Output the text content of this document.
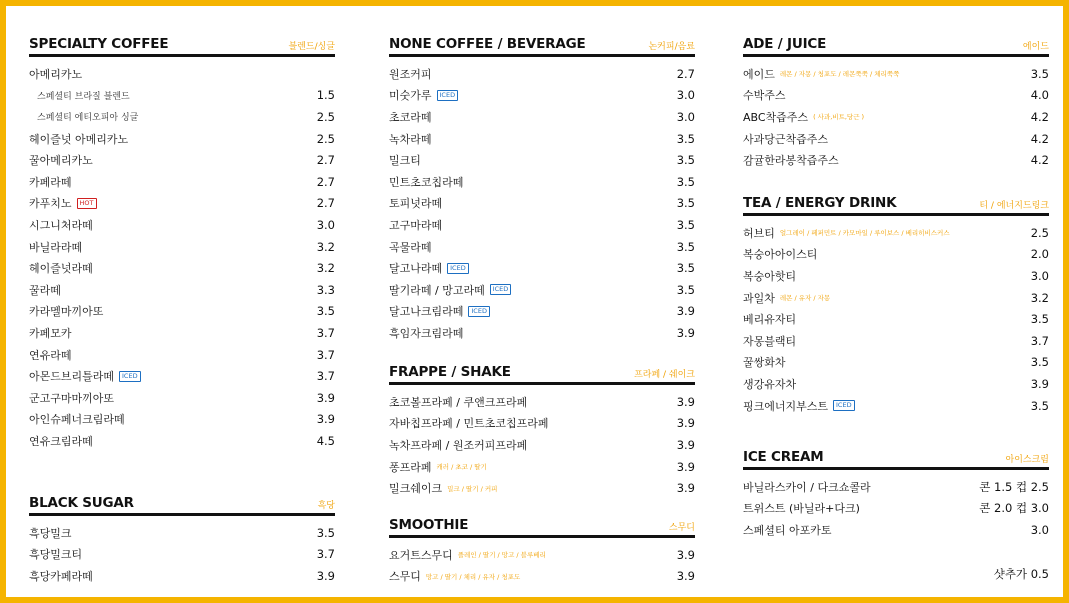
SPECIALTY COFFEE	블렌드/싱글
아메리카노
스페셜티 브라질 블렌드	1.5
스페셜티 에티오피아 싱글	2.5
헤이즐넛 아메리카노	2.5
꿀아메리카노	2.7
카페라떼	2.7
카푸치노	HOT	2.7
시그니처라떼	3.0
바닐라라떼	3.2
헤이즐넛라떼	3.2
꿀라떼	3.3
카라멜마끼아또	3.5
카페모카	3.7
연유라떼	3.7
아몬드브리틀라떼	ICED	3.7
군고구마마끼아또	3.9
아인슈페너크림라떼	3.9
연유크림라떼	4.5
BLACK SUGAR	흑당
흑당밀크	3.5
흑당밀크티	3.7
흑당카페라떼	3.9
NONE COFFEE / BEVERAGE	논커피/음료
원조커피	2.7
미숫가루	ICED	3.0
초코라떼	3.0
녹차라떼	3.5
밀크티	3.5
민트초코칩라떼	3.5
토피넛라떼	3.5
고구마라떼	3.5
곡물라떼	3.5
달고나라떼	ICED	3.5
딸기라떼 / 망고라떼	ICED	3.5
달고나크림라떼	ICED	3.9
흑임자크림라떼	3.9
FRAPPE / SHAKE	프라페 / 쉐이크
초코볼프라페 / 쿠앤크프라페	3.9
자바칩프라페 / 민트초코칩프라페	3.9
녹차프라페 / 원조커피프라페	3.9
퐁프라페 캐러 / 초코 / 딸기	3.9
밀크쉐이크 밀크 / 딸기 / 커피	3.9
SMOOTHIE	스무디
요거트스무디 플레인 / 딸기 / 망고 / 블루베리	3.9
스무디 망고 / 딸기 / 체리 / 유자 / 청포도	3.9
ADE / JUICE	에이드
에이드 레몬 / 자몽 / 청포도 / 레몬쭉쭉 / 체리쭉쭉	3.5
수박주스	4.0
ABC착즙주스 ( 사과,비트,당근 )	4.2
사과당근착즙주스	4.2
감귤한라봉착즙주스	4.2
TEA / ENERGY DRINK	티 / 에너지드링크
허브티 얼그레이 / 페퍼민트 / 카모마일 / 루이보스 / 베리히비스커스	2.5
복숭아아이스티	2.0
복숭아핫티	3.0
과일차 레몬 / 유자 / 자몽	3.2
베리유자티	3.5
자몽블랙티	3.7
꿀쌍화차	3.5
생강유자차	3.9
핑크에너지부스트	ICED	3.5
ICE CREAM	아이스크림
바닐라스카이 / 다크쇼콜라	콘 1.5 컵 2.5
트위스트 (바닐라+다크)	콘 2.0 컵 3.0
스페셜티 아포카토	3.0
샷추가 0.5
